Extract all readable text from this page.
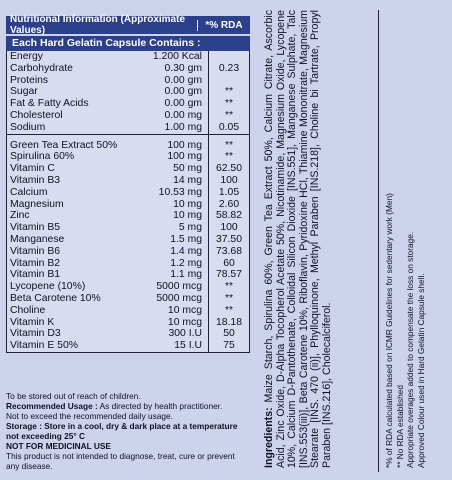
Nutritional Information (Approximate Values)	*% RDA
Each Hard Gelatin Capsule Contains :
Energy	1.200 Kcal
Carbohydrate	0.30 gm	0.23
Proteins	0.00 gm
Sugar	0.00 gm	**
Fat & Fatty Acids	0.00 gm	**
Cholesterol	0.00 mg	**
Sodium	1.00 mg	0.05
Green Tea Extract 50%	100 mg	**
Spirulina 60%	100 mg	**
Vitamin C	50 mg	62.50
Vitamin B3	14 mg	100
Calcium	10.53 mg	1.05
Magnesium	10 mg	2.60
Zinc	10 mg	58.82
Vitamin B5	5 mg	100
Manganese	1.5 mg	37.50
Vitamin B6	1.4 mg	73.68
Vitamin B2	1.2 mg	60
Vitamin B1	1.1 mg	78.57
Lycopene (10%)	5000 mcg	**
Beta Carotene 10%	5000 mcg	**
Choline	10 mcg	**
Vitamin K	10 mcg	18.18
Vitamin D3	300 I.U	50
Vitamin E 50%	15 I.U	75
To be stored out of reach of children.
Recommended Usage : As directed by health practitioner.
Not to exceed the recommended daily usage.
Storage : Store in a cool, dry & dark place at a temperature not exceeding 25° C
NOT FOR MEDICINAL USE
This product is not intended to diagnose, treat, cure or prevent any disease.	Ingredients: Maize Starch, Spirulina 60%, Green Tea Extract 50%, Calcium Citrate, Ascorbic Acid, Zinc Oxide, D-Alpha Tocopherol Acetate 50%, Nicotinamide, Magnesium Oxide, Lycopene 10%, Calcium D-Pantothenate, Colloidal Silicon Dioxide [INS.551], Manganese Sulphate, Talc [INS.553(iii)], Beta Carotene 10%, Riboflavin, Pyridoxine HCl, Thiamine Mononitrate, Magnesium Stearate [INS. 470 (ii)], Phylloquinone, Methyl Paraben [INS.218], Choline bi Tartrate, Propyl Paraben [INS.216], Cholecalciferol.	*% of RDA calculated based on ICMR Guidelines for sedentary work (Men) ** No RDA established Appropriate overages added to compensate the loss on storage. Approved Colour used in Hard Gelatin Capsule shell.
